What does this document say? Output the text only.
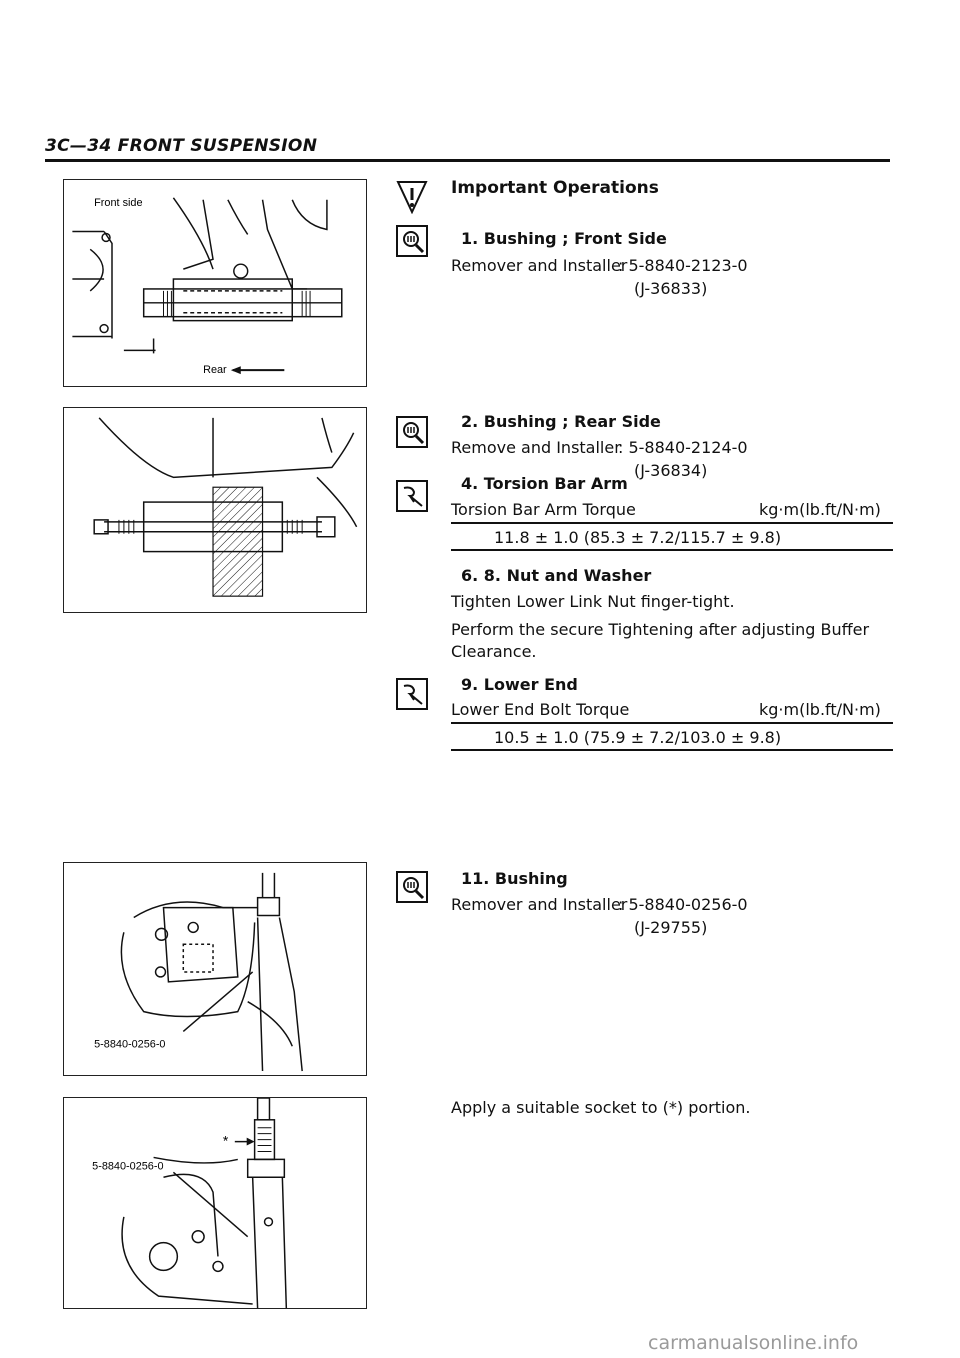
3C—34 FRONT SUSPENSION
Front side
Rear
5-8840-0256-0
5-8840-0256-0
*
Important Operations
1. Bushing ; Front Side
Remover and Installer
: 5-8840-2123-0
(J-36833)
2. Bushing ; Rear Side
Remove and Installer
: 5-8840-2124-0
(J-36834)
4. Torsion Bar Arm
Torsion Bar Arm Torque	kg·m(lb.ft/N·m)
11.8 ± 1.0 (85.3 ± 7.2/115.7 ± 9.8)
6. 8. Nut and Washer
Tighten Lower Link Nut finger-tight.
Perform the secure Tightening after adjusting Buffer
Clearance.
9. Lower End
Lower End Bolt Torque	kg·m(lb.ft/N·m)
10.5 ± 1.0 (75.9 ± 7.2/103.0 ± 9.8)
11. Bushing
Remover and Installer
: 5-8840-0256-0
(J-29755)
Apply a suitable socket to (*) portion.
carmanualsonline.info
